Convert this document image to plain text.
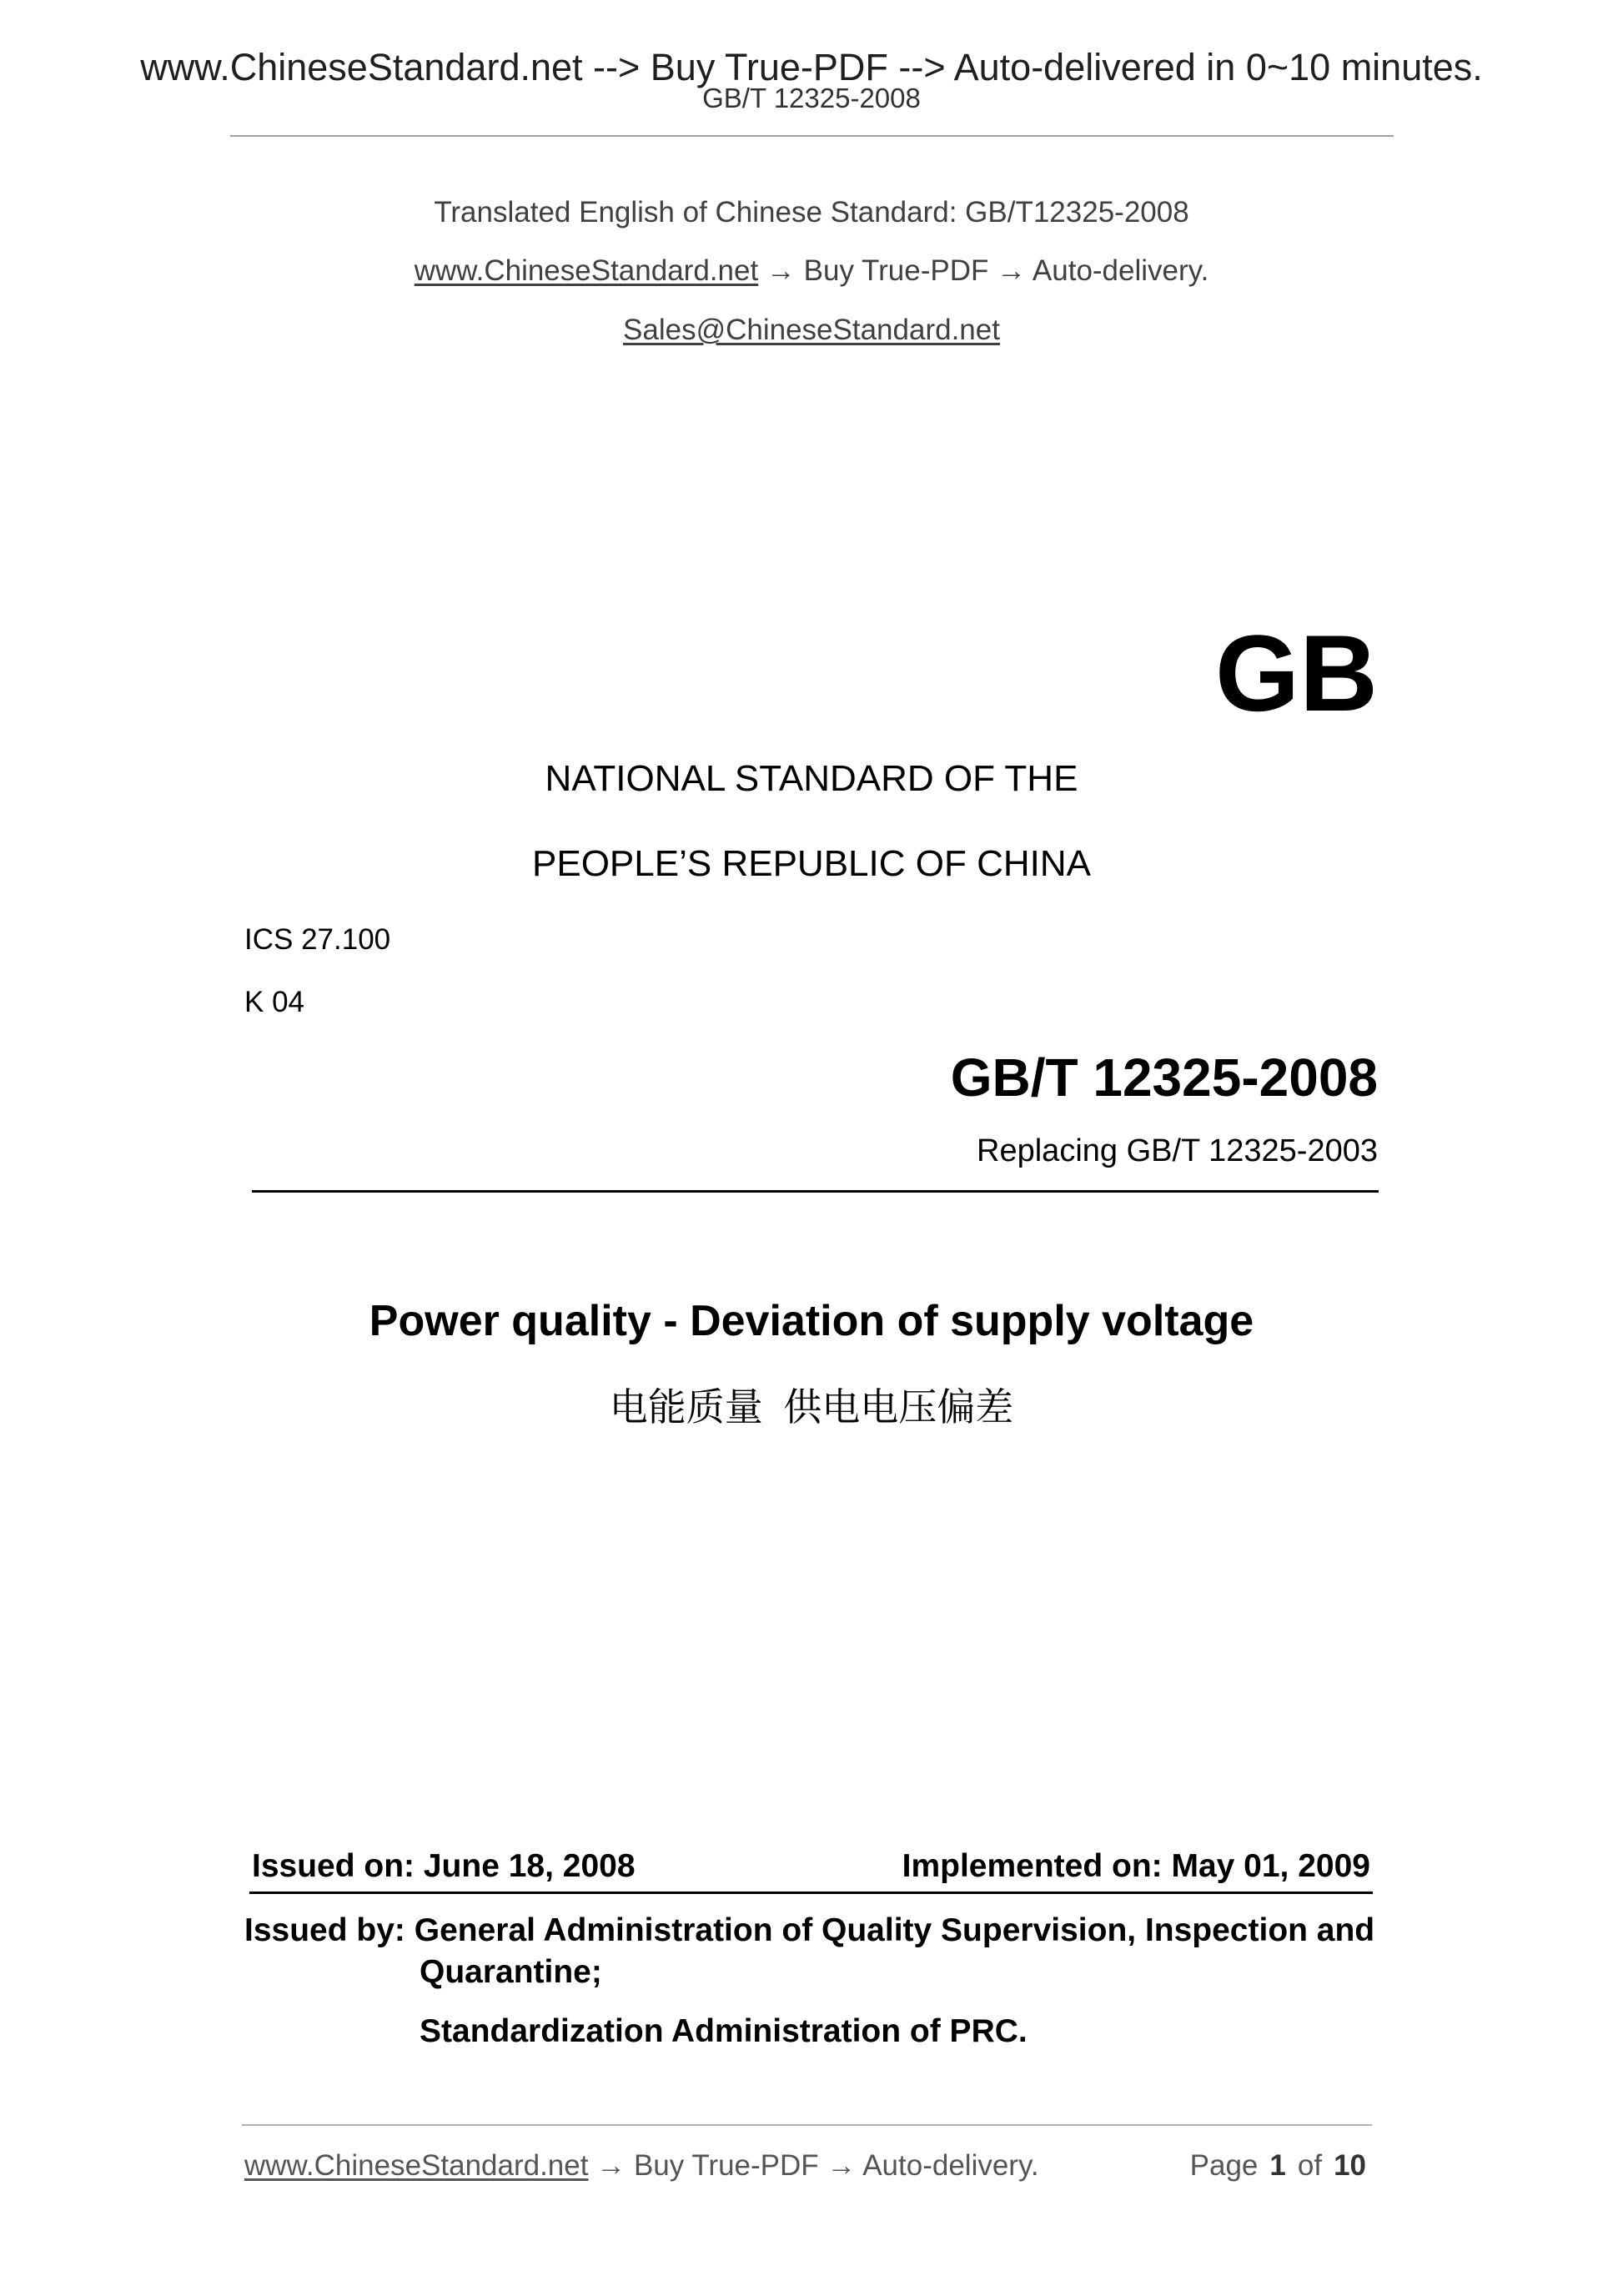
www.ChineseStandard.net --> Buy True-PDF --> Auto-delivered in 0~10 minutes.

GB/T 12325-2008

Translated English of Chinese Standard: GB/T12325-2008

www.ChineseStandard.net → Buy True-PDF → Auto-delivery.

Sales@ChineseStandard.net

GB

NATIONAL STANDARD OF THE

PEOPLE’S REPUBLIC OF CHINA

ICS 27.100

K 04

GB/T 12325-2008

Replacing GB/T 12325-2003

Power quality - Deviation of supply voltage

电能质量 供电电压偏差

Issued on: June 18, 2008	Implemented on: May 01, 2009

Issued by: General Administration of Quality Supervision, Inspection and

Quarantine;

Standardization Administration of PRC.

www.ChineseStandard.net → Buy True-PDF → Auto-delivery.	Page 1 of 10
